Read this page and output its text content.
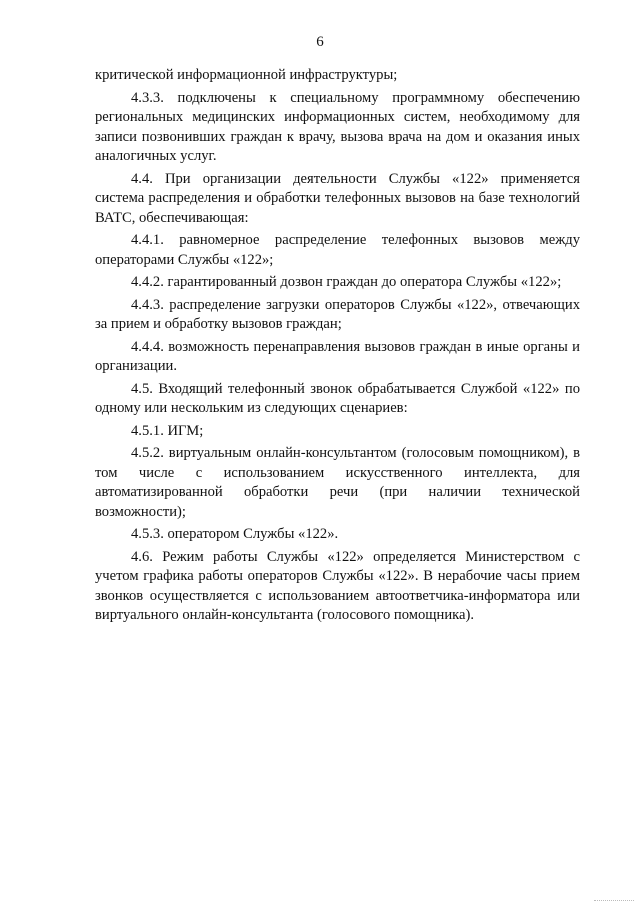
6

критической информационной инфраструктуры;

4.3.3. подключены к специальному программному обеспечению региональных медицинских информационных систем, необходимому для записи позвонивших граждан к врачу, вызова врача на дом и оказания иных аналогичных услуг.

4.4. При организации деятельности Службы «122» применяется система распределения и обработки телефонных вызовов на базе технологий ВАТС, обеспечивающая:

4.4.1. равномерное распределение телефонных вызовов между операторами Службы «122»;

4.4.2. гарантированный дозвон граждан до оператора Службы «122»;

4.4.3. распределение загрузки операторов Службы «122», отвечающих за прием и обработку вызовов граждан;

4.4.4. возможность перенаправления вызовов граждан в иные органы и организации.

4.5. Входящий телефонный звонок обрабатывается Службой «122» по одному или нескольким из следующих сценариев:

4.5.1. ИГМ;

4.5.2. виртуальным онлайн-консультантом (голосовым помощником), в том числе с использованием искусственного интеллекта, для автоматизированной обработки речи (при наличии технической возможности);

4.5.3. оператором Службы «122».

4.6. Режим работы Службы «122» определяется Министерством с учетом графика работы операторов Службы «122». В нерабочие часы прием звонков осуществляется с использованием автоответчика-информатора или виртуального онлайн-консультанта (голосового помощника).
